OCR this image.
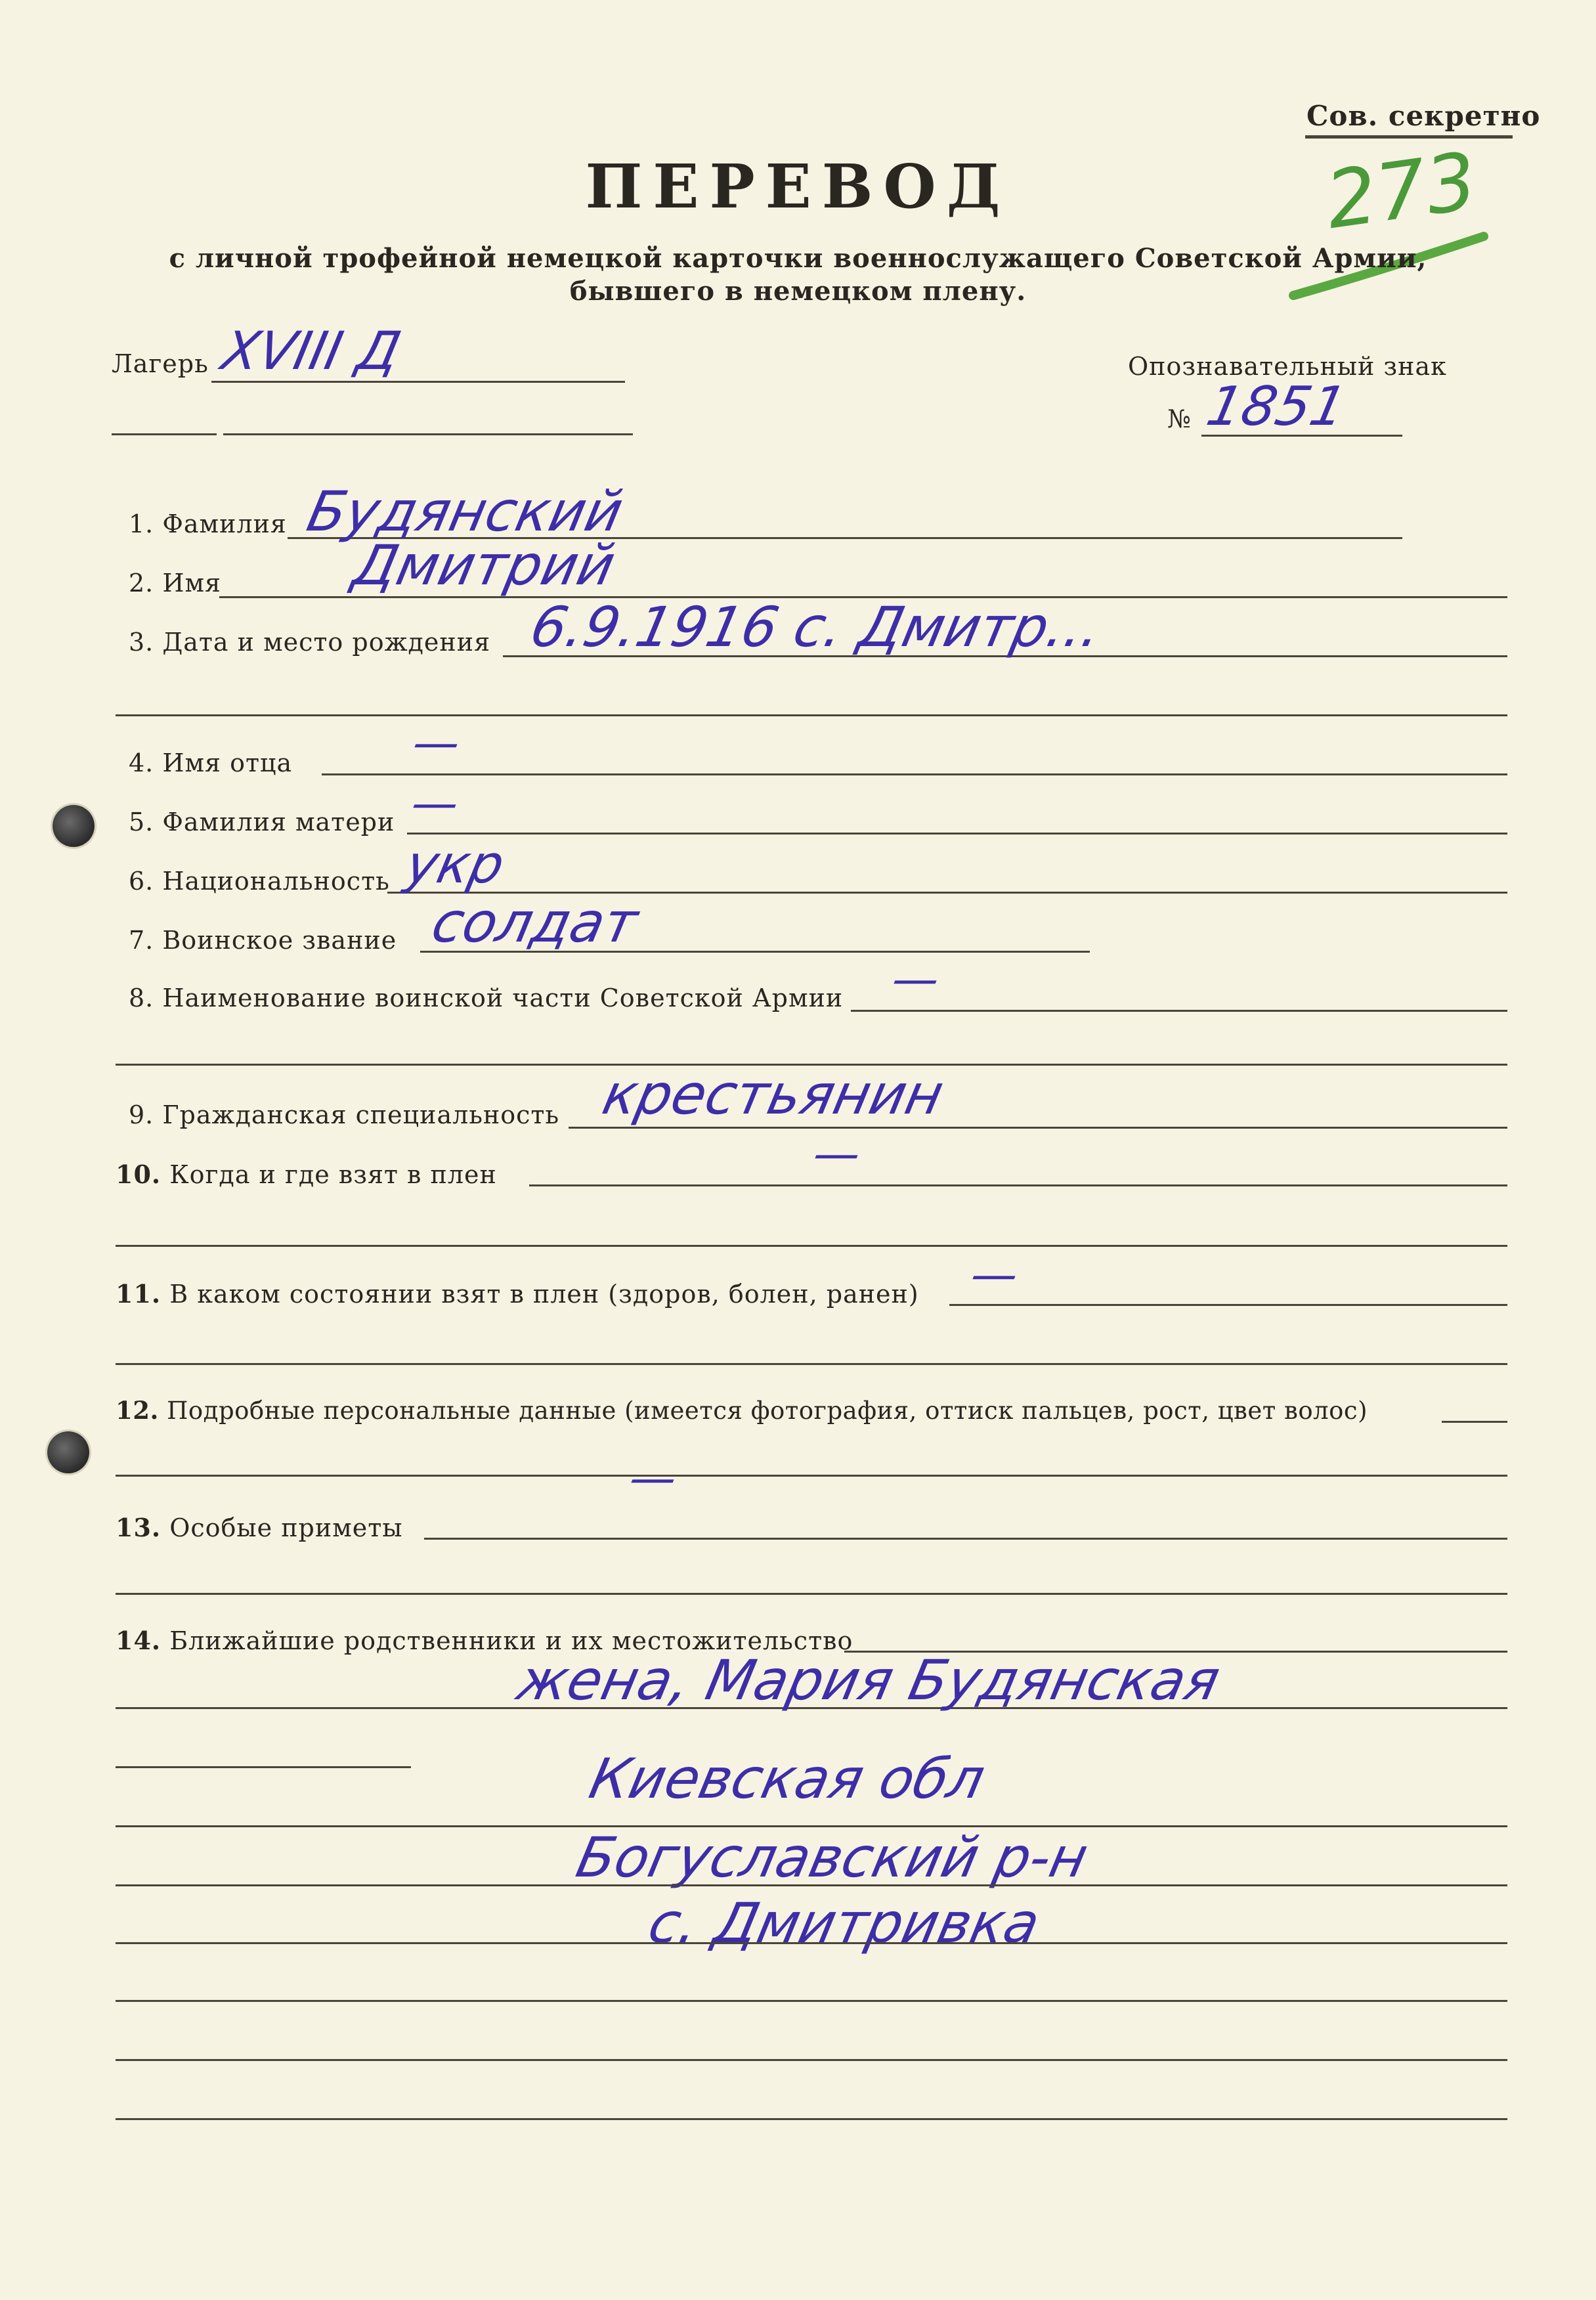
Сов. секретно
273
ПЕРЕВОД
с личной трофейной немецкой карточки военнослужащего Советской Армии,
бывшего в немецком плену.
Лагерь XVIII Д	Опознавательный знак
№ 1851
1. Фамилия Будянский
2. Имя Дмитрий
3. Дата и место рождения 6.9.1916 с. Дмитр...
4. Имя отца	—
5. Фамилия матери —
6. Национальность укр
7. Воинское звание солдат
8. Наименование воинской части Советской Армии —
9. Гражданская специальность крестьянин
10. Когда и где взят в плен	—
11. В каком состоянии взят в плен (здоров, болен, ранен) —
12. Подробные персональные данные (имеется фотография, оттиск пальцев, рост, цвет волос)
—
13. Особые приметы
14. Ближайшие родственники и их местожительство
жена, Мария Будянская
Киевская обл
Богуславский р-н
с. Дмитривка
